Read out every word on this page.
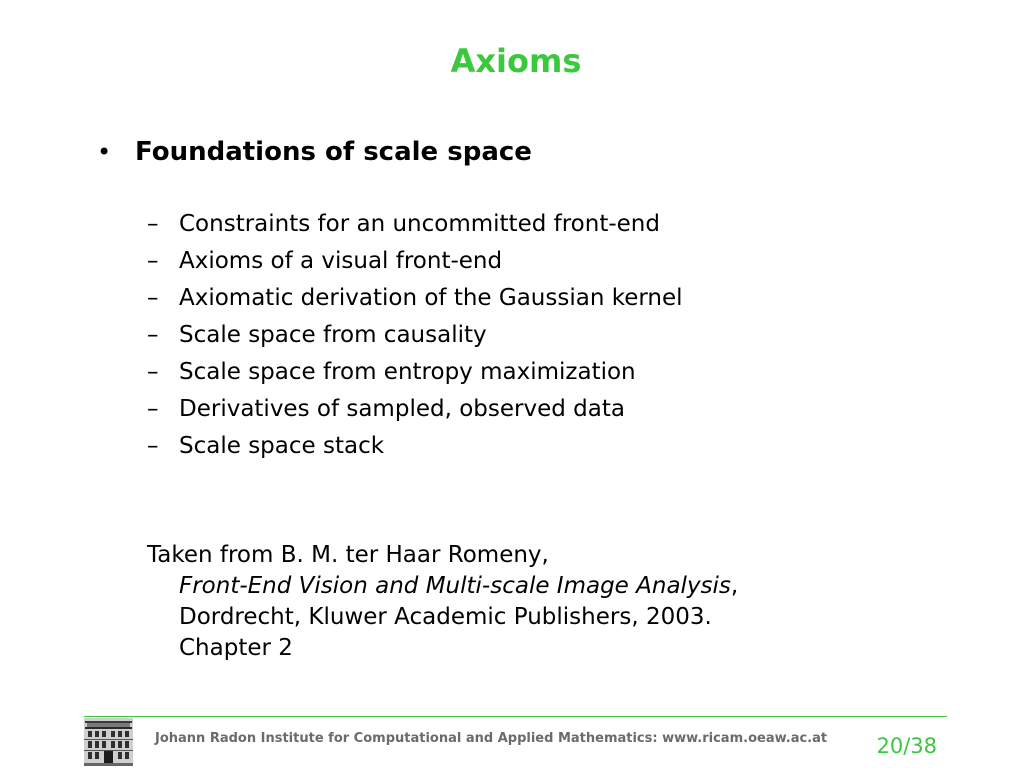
Axioms
• Foundations of scale space
– Constraints for an uncommitted front-end
– Axioms of a visual front-end
– Axiomatic derivation of the Gaussian kernel
– Scale space from causality
– Scale space from entropy maximization
– Derivatives of sampled, observed data
– Scale space stack
Taken from B. M. ter Haar Romeny,
Front-End Vision and Multi-scale Image Analysis,
Dordrecht, Kluwer Academic Publishers, 2003.
Chapter 2
Johann Radon Institute for Computational and Applied Mathematics: www.ricam.oeaw.ac.at 20/38
